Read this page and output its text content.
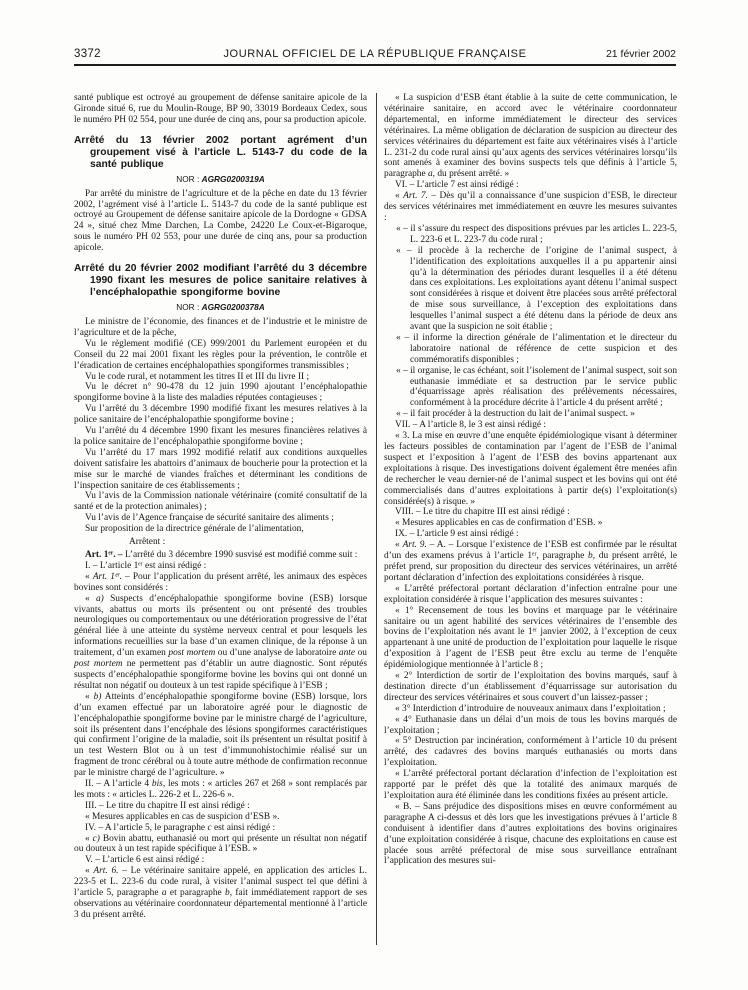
3372	JOURNAL OFFICIEL DE LA RÉPUBLIQUE FRANÇAISE	21 février 2002

santé publique est octroyé au groupement de défense sanitaire apicole de la Gironde situé 6, rue du Moulin-Rouge, BP 90, 33019 Bordeaux Cedex, sous le numéro PH 02 554, pour une durée de cinq ans, pour sa production apicole.

Arrêté du 13 février 2002 portant agrément d’un groupement visé à l’article L. 5143-7 du code de la santé publique

NOR : AGRG0200319A

Par arrêté du ministre de l’agriculture et de la pêche en date du 13 février 2002, l’agrément visé à l’article L. 5143-7 du code de la santé publique est octroyé au Groupement de défense sanitaire apicole de la Dordogne « GDSA 24 », situé chez Mme Darchen, La Combe, 24220 Le Coux-et-Bigaroque, sous le numéro PH 02 553, pour une durée de cinq ans, pour sa production apicole.

Arrêté du 20 février 2002 modifiant l’arrêté du 3 décembre 1990 fixant les mesures de police sanitaire relatives à l’encéphalopathie spongiforme bovine

NOR : AGRG0200378A

Le ministre de l’économie, des finances et de l’industrie et le ministre de l’agriculture et de la pêche,

Vu le règlement modifié (CE) 999/2001 du Parlement européen et du Conseil du 22 mai 2001 fixant les règles pour la prévention, le contrôle et l’éradication de certaines encéphalopathies spongiformes transmissibles ;

Vu le code rural, et notamment les titres II et III du livre II ;

Vu le décret n° 90-478 du 12 juin 1990 ajoutant l’encéphalopathie spongiforme bovine à la liste des maladies réputées contagieuses ;

Vu l’arrêté du 3 décembre 1990 modifié fixant les mesures relatives à la police sanitaire de l’encéphalopathie spongiforme bovine ;

Vu l’arrêté du 4 décembre 1990 fixant les mesures financières relatives à la police sanitaire de l’encéphalopathie spongiforme bovine ;

Vu l’arrêté du 17 mars 1992 modifié relatif aux conditions auxquelles doivent satisfaire les abattoirs d’animaux de boucherie pour la protection et la mise sur le marché de viandes fraîches et déterminant les conditions de l’inspection sanitaire de ces établissements ;

Vu l’avis de la Commission nationale vétérinaire (comité consultatif de la santé et de la protection animales) ;

Vu l’avis de l’Agence française de sécurité sanitaire des aliments ;

Sur proposition de la directrice générale de l’alimentation,

Arrêtent :

Art. 1ᵉʳ. – L’arrêté du 3 décembre 1990 susvisé est modifié comme suit :

I. – L’article 1ᵉʳ est ainsi rédigé :

« Art. 1ᵉʳ. – Pour l’application du présent arrêté, les animaux des espèces bovines sont considérés :

« a) Suspects d’encéphalopathie spongiforme bovine (ESB) lorsque vivants, abattus ou morts ils présentent ou ont présenté des troubles neurologiques ou comportementaux ou une détérioration progressive de l’état général liée à une atteinte du système nerveux central et pour lesquels les informations recueillies sur la base d’un examen clinique, de la réponse à un traitement, d’un examen post mortem ou d’une analyse de laboratoire ante ou post mortem ne permettent pas d’établir un autre diagnostic. Sont réputés suspects d’encéphalopathie spongiforme bovine les bovins qui ont donné un résultat non négatif ou douteux à un test rapide spécifique à l’ESB ;

« b) Atteints d’encéphalopathie spongiforme bovine (ESB) lorsque, lors d’un examen effectué par un laboratoire agréé pour le diagnostic de l’encéphalopathie spongiforme bovine par le ministre chargé de l’agriculture, soit ils présentent dans l’encéphale des lésions spongiformes caractéristiques qui confirment l’origine de la maladie, soit ils présentent un résultat positif à un test Western Blot ou à un test d’immunohistochimie réalisé sur un fragment de tronc cérébral ou à toute autre méthode de confirmation reconnue par le ministre chargé de l’agriculture. »

II. – A l’article 4 bis, les mots : « articles 267 et 268 » sont remplacés par les mots : « articles L. 226-2 et L. 226-6 ».

III. – Le titre du chapitre II est ainsi rédigé :

« Mesures applicables en cas de suspicion d’ESB ».

IV. – A l’article 5, le paragraphe c est ainsi rédigé :

« c) Bovin abattu, euthanasié ou mort qui présente un résultat non négatif ou douteux à un test rapide spécifique à l’ESB. »

V. – L’article 6 est ainsi rédigé :

« Art. 6. – Le vétérinaire sanitaire appelé, en application des articles L. 223-5 et L. 223-6 du code rural, à visiter l’animal suspect tel que défini à l’article 5, paragraphe a et paragraphe b, fait immédiatement rapport de ses observations au vétérinaire coordonnateur départemental mentionné à l’article 3 du présent arrêté.

« La suspicion d’ESB étant établie à la suite de cette communication, le vétérinaire sanitaire, en accord avec le vétérinaire coordonnateur départemental, en informe immédiatement le directeur des services vétérinaires. La même obligation de déclaration de suspicion au directeur des services vétérinaires du département est faite aux vétérinaires visés à l’article L. 231-2 du code rural ainsi qu’aux agents des services vétérinaires lorsqu’ils sont amenés à examiner des bovins suspects tels que définis à l’article 5, paragraphe a, du présent arrêté. »

VI. – L’article 7 est ainsi rédigé :

« Art. 7. – Dès qu’il a connaissance d’une suspicion d’ESB, le directeur des services vétérinaires met immédiatement en œuvre les mesures suivantes :

« – il s’assure du respect des dispositions prévues par les articles L. 223-5, L. 223-6 et L. 223-7 du code rural ;

« – il procède à la recherche de l’origine de l’animal suspect, à l’identification des exploitations auxquelles il a pu appartenir ainsi qu’à la détermination des périodes durant lesquelles il a été détenu dans ces exploitations. Les exploitations ayant détenu l’animal suspect sont considérées à risque et doivent être placées sous arrêté préfectoral de mise sous surveillance, à l’exception des exploitations dans lesquelles l’animal suspect a été détenu dans la période de deux ans avant que la suspicion ne soit établie ;

« – il informe la direction générale de l’alimentation et le directeur du laboratoire national de référence de cette suspicion et des commémoratifs disponibles ;

« – il organise, le cas échéant, soit l’isolement de l’animal suspect, soit son euthanasie immédiate et sa destruction par le service public d’équarrissage après réalisation des prélèvements nécessaires, conformément à la procédure décrite à l’article 4 du présent arrêté ;

« – il fait procéder à la destruction du lait de l’animal suspect. »

VII. – A l’article 8, le 3 est ainsi rédigé :

« 3. La mise en œuvre d’une enquête épidémiologique visant à déterminer les facteurs possibles de contamination par l’agent de l’ESB de l’animal suspect et l’exposition à l’agent de l’ESB des bovins appartenant aux exploitations à risque. Des investigations doivent également être menées afin de rechercher le veau dernier-né de l’animal suspect et les bovins qui ont été commercialisés dans d’autres exploitations à partir de(s) l’exploitation(s) considérée(s) à risque. »

VIII. – Le titre du chapitre III est ainsi rédigé :

« Mesures applicables en cas de confirmation d’ESB. »

IX. – L’article 9 est ainsi rédigé :

« Art. 9. – A. – Lorsque l’existence de l’ESB est confirmée par le résultat d’un des examens prévus à l’article 1ᵉʳ, paragraphe b, du présent arrêté, le préfet prend, sur proposition du directeur des services vétérinaires, un arrêté portant déclaration d’infection des exploitations considérées à risque.

« L’arrêté préfectoral portant déclaration d’infection entraîne pour une exploitation considérée à risque l’application des mesures suivantes :

« 1° Recensement de tous les bovins et marquage par le vétérinaire sanitaire ou un agent habilité des services vétérinaires de l’ensemble des bovins de l’exploitation nés avant le 1ᵉʳ janvier 2002, à l’exception de ceux appartenant à une unité de production de l’exploitation pour laquelle le risque d’exposition à l’agent de l’ESB peut être exclu au terme de l’enquête épidémiologique mentionnée à l’article 8 ;

« 2° Interdiction de sortir de l’exploitation des bovins marqués, sauf à destination directe d’un établissement d’équarrissage sur autorisation du directeur des services vétérinaires et sous couvert d’un laissez-passer ;

« 3° Interdiction d’introduire de nouveaux animaux dans l’exploitation ;

« 4° Euthanasie dans un délai d’un mois de tous les bovins marqués de l’exploitation ;

« 5° Destruction par incinération, conformément à l’article 10 du présent arrêté, des cadavres des bovins marqués euthanasiés ou morts dans l’exploitation.

« L’arrêté préfectoral portant déclaration d’infection de l’exploitation est rapporté par le préfet dès que la totalité des animaux marqués de l’exploitation aura été éliminée dans les conditions fixées au présent article.

« B. – Sans préjudice des dispositions mises en œuvre conformément au paragraphe A ci-dessus et dès lors que les investigations prévues à l’article 8 conduisent à identifier dans d’autres exploitations des bovins originaires d’une exploitation considérée à risque, chacune des exploitations en cause est placée sous arrêté préfectoral de mise sous surveillance entraînant l’application des mesures sui-
